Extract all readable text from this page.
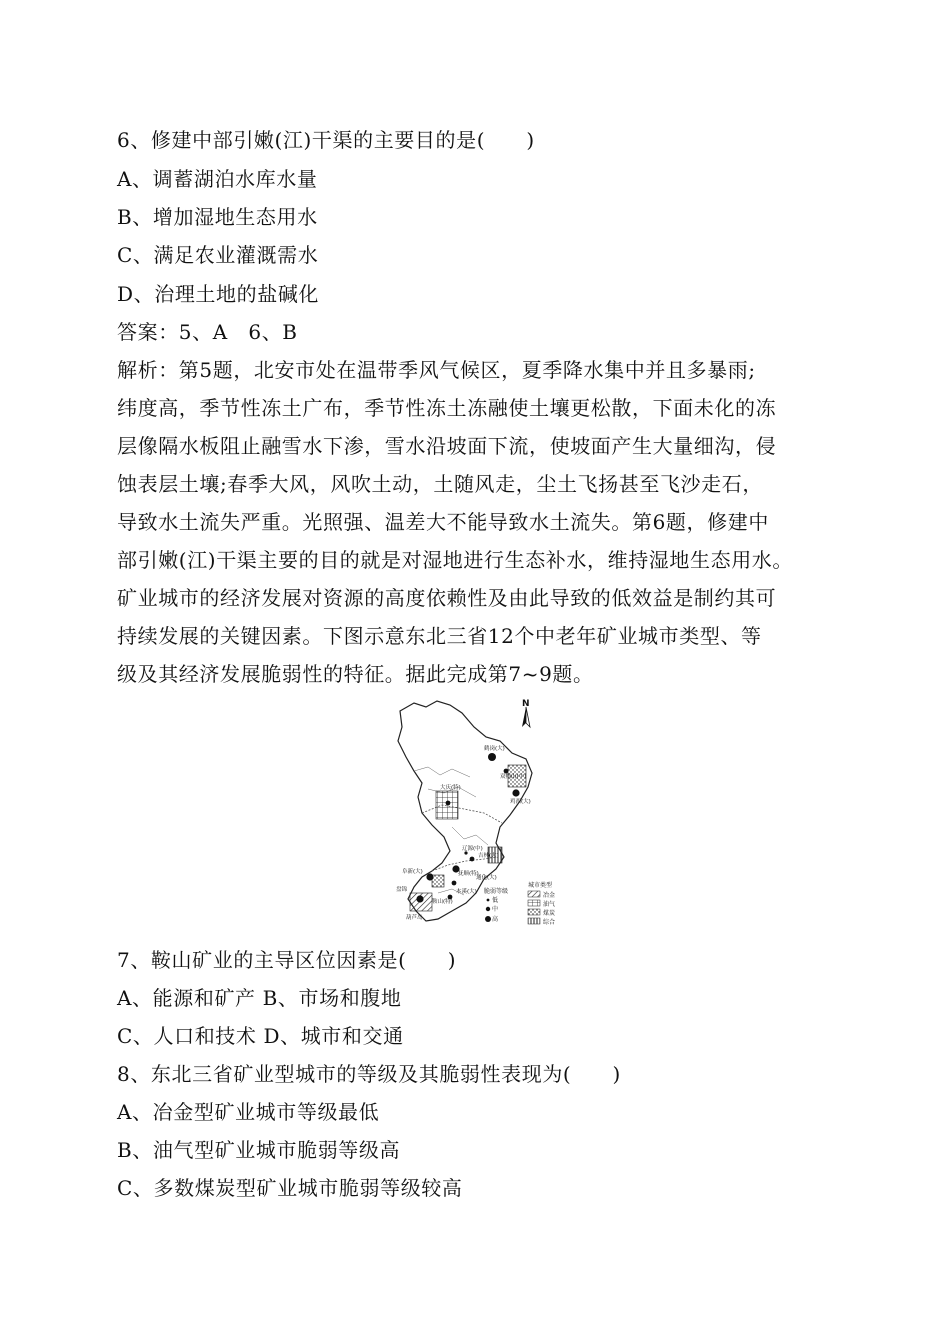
6、修建中部引嫩(江)干渠的主要目的是(　　)
A、调蓄湖泊水库水量
B、增加湿地生态用水
C、满足农业灌溉需水
D、治理土地的盐碱化
答案：5、A　6、B
解析：第5题，北安市处在温带季风气候区，夏季降水集中并且多暴雨;
纬度高，季节性冻土广布，季节性冻土冻融使土壤更松散，下面未化的冻
层像隔水板阻止融雪水下渗，雪水沿坡面下流，使坡面产生大量细沟，侵
蚀表层土壤;春季大风，风吹土动，土随风走，尘土飞扬甚至飞沙走石，
导致水土流失严重。光照强、温差大不能导致水土流失。第6题，修建中
部引嫩(江)干渠主要的目的就是对湿地进行生态补水，维持湿地生态用水。
矿业城市的经济发展对资源的高度依赖性及由此导致的低效益是制约其可
持续发展的关键因素。下图示意东北三省12个中老年矿业城市类型、等
级及其经济发展脆弱性的特征。据此完成第7~9题。
N
鹤岗(大)
双鸭山(中)
鸡西(大)
大庆(特)
辽源(中)
吉林(大)
通化(大)
阜新(大)	抚顺(特)
本溪(大)
鞍山(特)
盘锦
葫芦岛
脆弱等级
低
中
高
城市类型
冶金
油气
煤炭
综合
7、鞍山矿业的主导区位因素是(　　)
A、能源和矿产 B、市场和腹地
C、人口和技术 D、城市和交通
8、东北三省矿业型城市的等级及其脆弱性表现为(　　)
A、冶金型矿业城市等级最低
B、油气型矿业城市脆弱等级高
C、多数煤炭型矿业城市脆弱等级较高
